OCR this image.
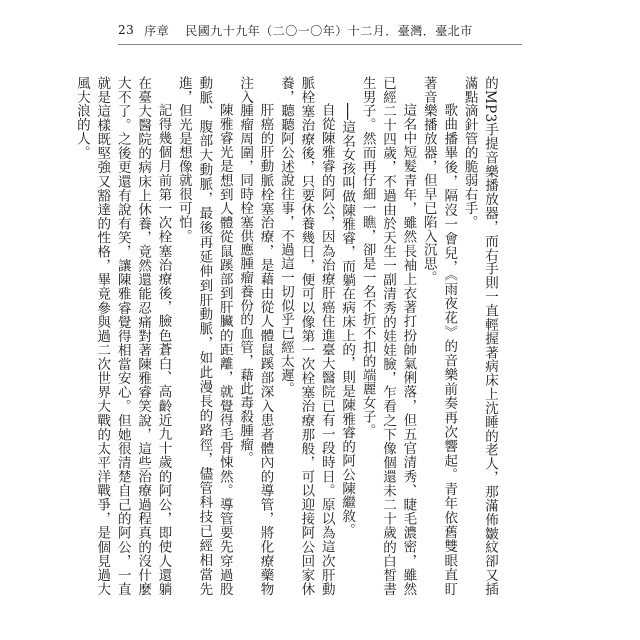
23 序章 民國九十九年（二〇一〇年）十二月．臺灣．臺北市

的MP3手提音樂播放器，而右手則一直輕握著病床上沈睡的老人，那滿佈皺紋卻又插滿點滴針管的脆弱右手。

歌曲播畢後，隔沒一會兒，《雨夜花》的音樂前奏再次響起。青年依舊雙眼直盯著音樂播放器，但早已陷入沉思。

這名中短髮青年，雖然長袖上衣著打扮帥氣俐落，但五官清秀、睫毛濃密，雖然已經二十四歲，不過由於天生一副清秀的娃娃臉，乍看之下像個還未二十歲的白皙書生男子。然而再仔細一瞧，卻是一名不折不扣的端麗女子。

──這名女孩叫做陳雅睿，而躺在病床上的，則是陳雅睿的阿公陳繼敘。

自從陳雅睿的阿公，因為治療肝癌住進臺大醫院已有一段時日。原以為這次肝動脈栓塞治療後，只要休養幾日，便可以像第一次栓塞治療那般，可以迎接阿公回家休養，聽聽阿公述說往事，不過這一切似乎已經太遲。

肝癌的肝動脈栓塞治療，是藉由從人體鼠蹊部深入患者體內的導管，將化療藥物注入腫瘤周圍，同時栓塞供應腫瘤養份的血管，藉此毒殺腫瘤。

陳雅睿光是想到人體從鼠蹊部到肝臟的距離，就覺得毛骨悚然。導管要先穿過股動脈、腹部大動脈，最後再延伸到肝動脈，如此漫長的路徑，儘管科技已經相當先進，但光是想像就很可怕。

記得幾個月前第一次栓塞治療後，臉色蒼白、高齡近九十歲的阿公，即使人還躺在臺大醫院的病床上休養，竟然還能忍痛對著陳雅睿笑說，這些治療過程真的沒什麼大不了。之後更還有說有笑，讓陳雅睿覺得相當安心。但她很清楚自己的阿公，一直就是這樣既堅強又豁達的性格，畢竟參與過二次世界大戰的太平洋戰爭，是個見過大風大浪的人。
